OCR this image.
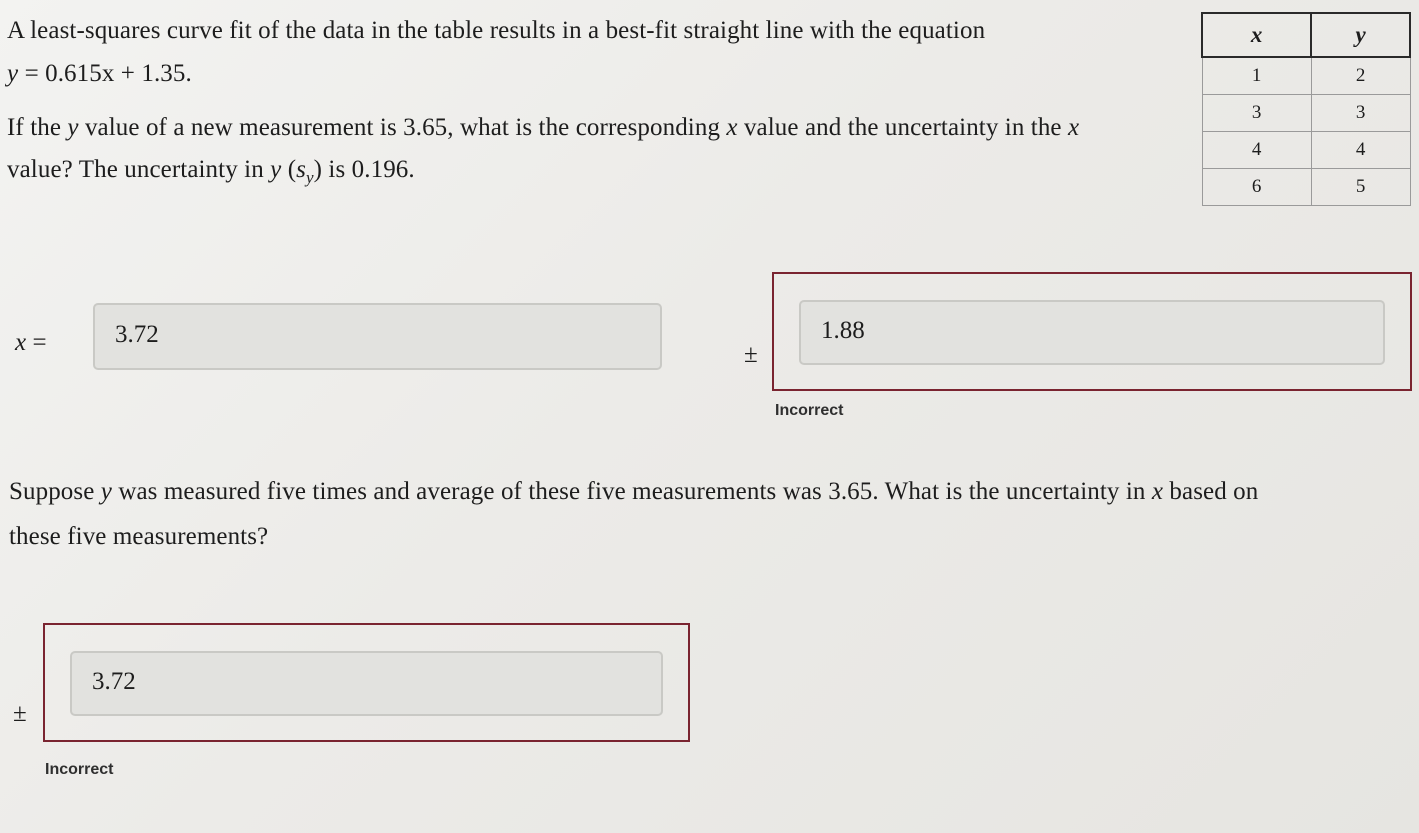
A least-squares curve fit of the data in the table results in a best-fit straight line with the equation
y = 0.615x + 1.35.
If the y value of a new measurement is 3.65, what is the corresponding x value and the uncertainty in the x
value? The uncertainty in y $(s_y)$ is 0.196.
x	y
1	2
3	3
4	4
6	5
x =	3.72
±
1.88
Incorrect
Suppose y was measured five times and average of these five measurements was 3.65. What is the uncertainty in x based on
these five measurements?
±
3.72
Incorrect
